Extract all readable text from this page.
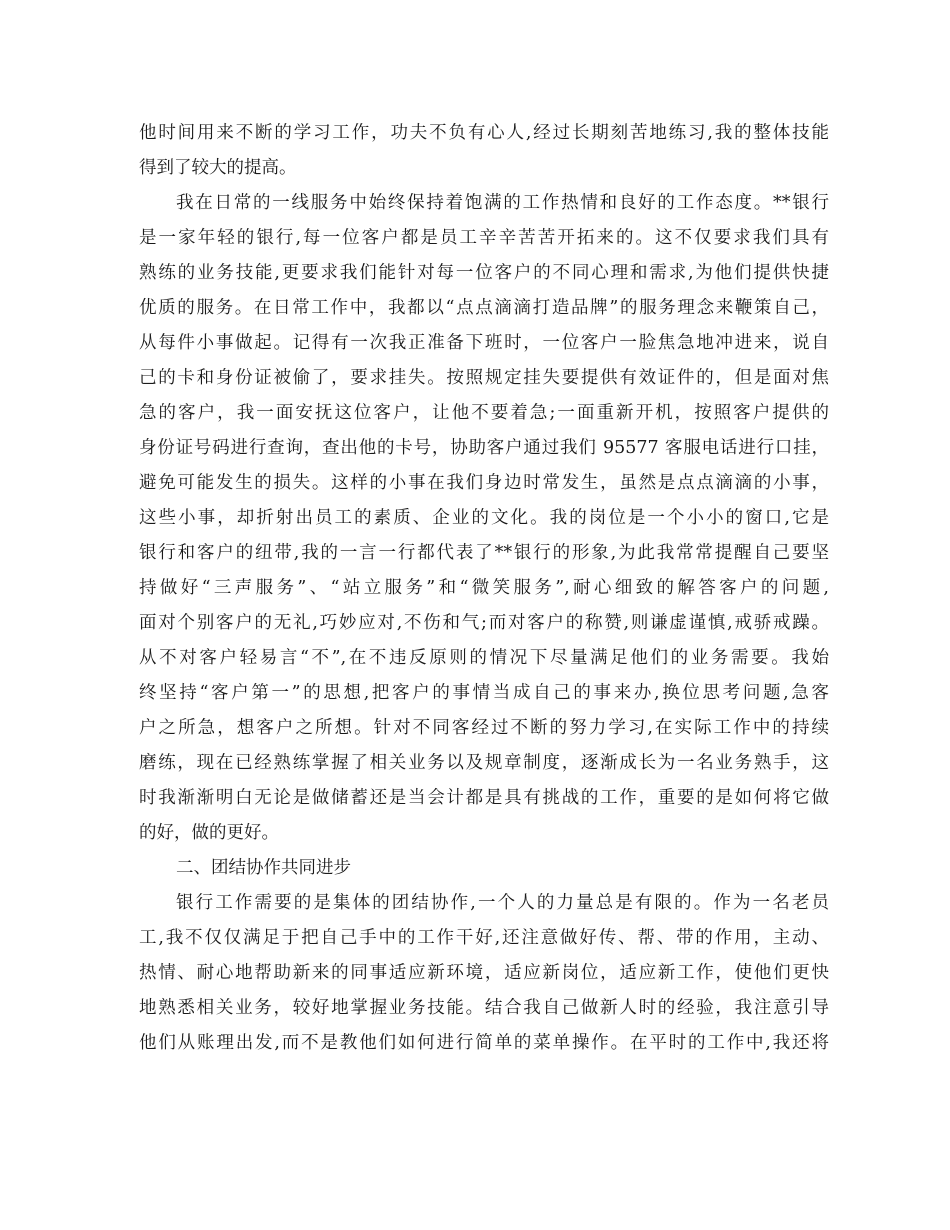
他时间用来不断的学习工作，功夫不负有心人,经过长期刻苦地练习,我的整体技能
得到了较大的提高。
我在日常的一线服务中始终保持着饱满的工作热情和良好的工作态度。**银行
是一家年轻的银行,每一位客户都是员工辛辛苦苦开拓来的。这不仅要求我们具有
熟练的业务技能,更要求我们能针对每一位客户的不同心理和需求,为他们提供快捷
优质的服务。在日常工作中，我都以“点点滴滴打造品牌”的服务理念来鞭策自己，
从每件小事做起。记得有一次我正准备下班时，一位客户一脸焦急地冲进来，说自
己的卡和身份证被偷了，要求挂失。按照规定挂失要提供有效证件的，但是面对焦
急的客户，我一面安抚这位客户，让他不要着急;一面重新开机，按照客户提供的
身份证号码进行查询，查出他的卡号，协助客户通过我们 95577 客服电话进行口挂，
避免可能发生的损失。这样的小事在我们身边时常发生，虽然是点点滴滴的小事，
这些小事，却折射出员工的素质、企业的文化。我的岗位是一个小小的窗口,它是
银行和客户的纽带,我的一言一行都代表了**银行的形象,为此我常常提醒自己要坚
持做好“三声服务”、“站立服务”和“微笑服务”,耐心细致的解答客户的问题,
面对个别客户的无礼,巧妙应对,不伤和气;而对客户的称赞,则谦虚谨慎,戒骄戒躁。
从不对客户轻易言“不”,在不违反原则的情况下尽量满足他们的业务需要。我始
终坚持“客户第一”的思想,把客户的事情当成自己的事来办,换位思考问题,急客
户之所急，想客户之所想。针对不同客经过不断的努力学习,在实际工作中的持续
磨练，现在已经熟练掌握了相关业务以及规章制度，逐渐成长为一名业务熟手，这
时我渐渐明白无论是做储蓄还是当会计都是具有挑战的工作，重要的是如何将它做
的好，做的更好。
二、团结协作共同进步
银行工作需要的是集体的团结协作,一个人的力量总是有限的。作为一名老员
工,我不仅仅满足于把自己手中的工作干好,还注意做好传、帮、带的作用，主动、
热情、耐心地帮助新来的同事适应新环境，适应新岗位，适应新工作，使他们更快
地熟悉相关业务，较好地掌握业务技能。结合我自己做新人时的经验，我注意引导
他们从账理出发,而不是教他们如何进行简单的菜单操作。在平时的工作中,我还将
